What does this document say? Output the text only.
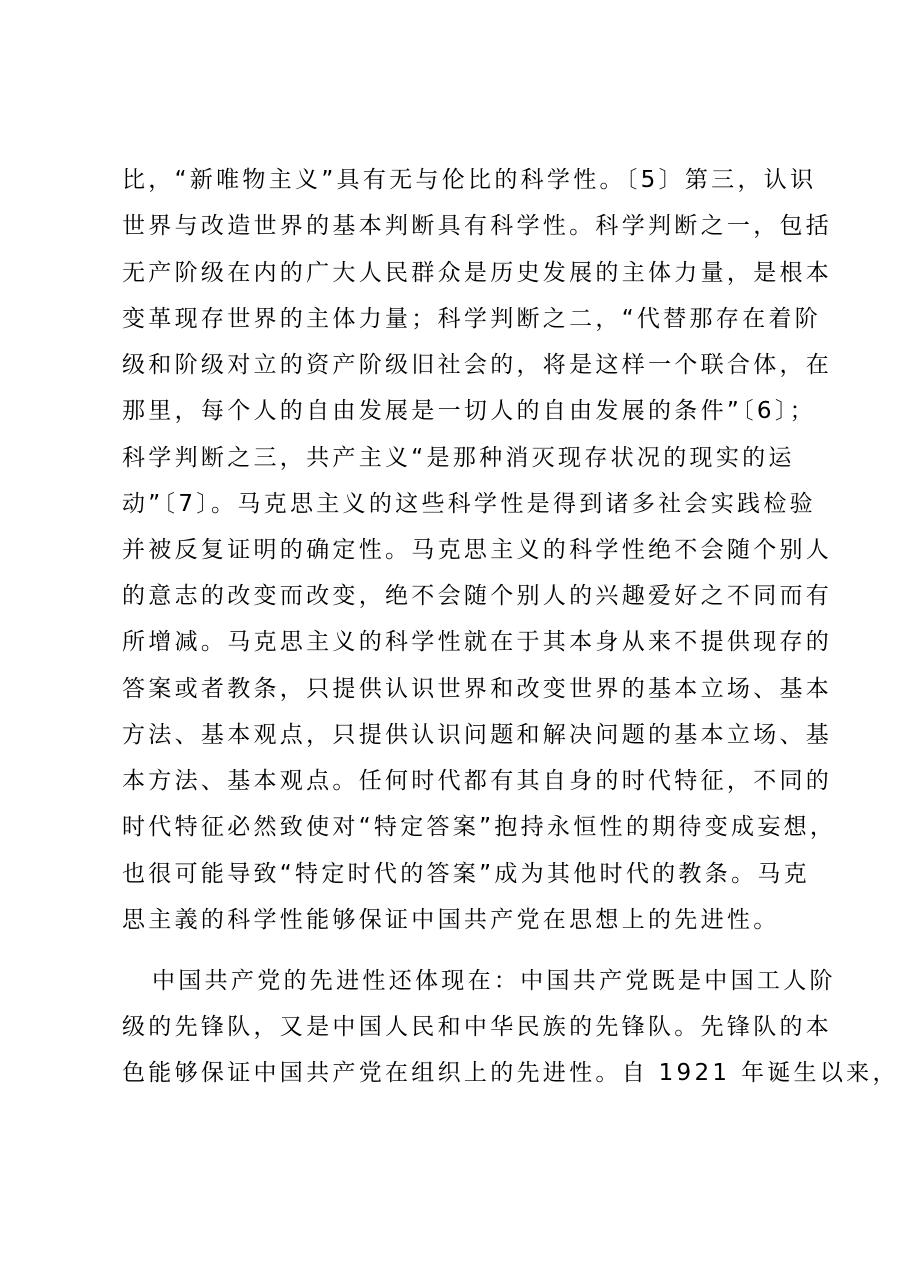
比，“新唯物主义”具有无与伦比的科学性。〔5〕第三，认识
世界与改造世界的基本判断具有科学性。科学判断之一，包括
无产阶级在内的广大人民群众是历史发展的主体力量，是根本
变革现存世界的主体力量；科学判断之二，“代替那存在着阶
级和阶级对立的资产阶级旧社会的，将是这样一个联合体，在
那里，每个人的自由发展是一切人的自由发展的条件”〔6〕；
科学判断之三，共产主义“是那种消灭现存状况的现实的运
动”〔7〕。马克思主义的这些科学性是得到诸多社会实践检验
并被反复证明的确定性。马克思主义的科学性绝不会随个别人
的意志的改变而改变，绝不会随个别人的兴趣爱好之不同而有
所增减。马克思主义的科学性就在于其本身从来不提供现存的
答案或者教条，只提供认识世界和改变世界的基本立场、基本
方法、基本观点，只提供认识问题和解决问题的基本立场、基
本方法、基本观点。任何时代都有其自身的时代特征，不同的
时代特征必然致使对“特定答案”抱持永恒性的期待变成妄想，
也很可能导致“特定时代的答案”成为其他时代的教条。马克
思主義的科学性能够保证中国共产党在思想上的先进性。
中国共产党的先进性还体现在：中国共产党既是中国工人阶
级的先锋队，又是中国人民和中华民族的先锋队。先锋队的本
色能够保证中国共产党在组织上的先进性。自 1921 年诞生以来，
